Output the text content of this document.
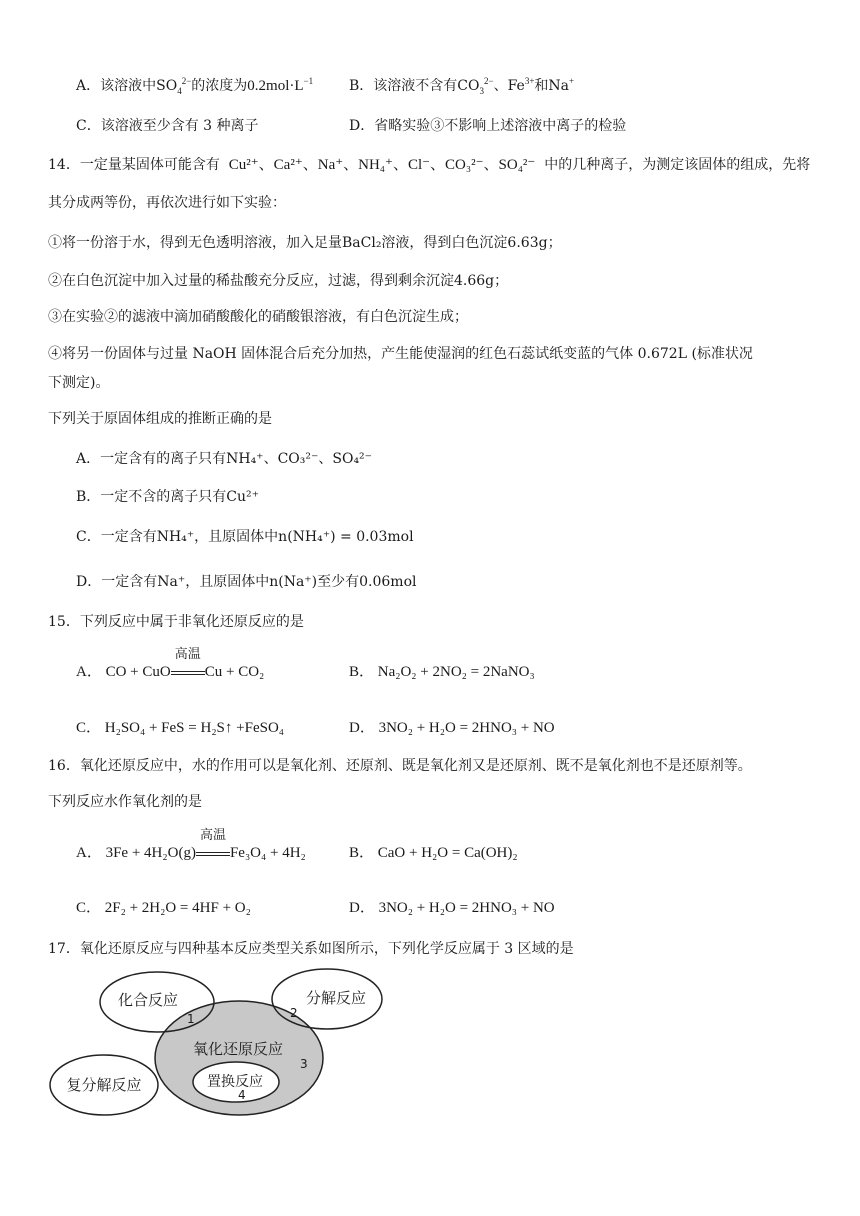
A．该溶液中$SO_4^{2-}$的浓度为$0.2mol\cdot L^{-1}$	B．该溶液不含有$CO_3^{2-}$、$Fe^{3+}$和Na+
C．该溶液至少含有 3 种离子	D．省略实验③不影响上述溶液中离子的检验
14．一定量某固体可能含有 Cu²⁺、Ca²⁺、Na⁺、NH₄⁺、Cl⁻、CO₃²⁻、SO₄²⁻ 中的几种离子，为测定该固体的组成，先将
其分成两等份，再依次进行如下实验：
①将一份溶于水，得到无色透明溶液，加入足量BaCl₂溶液，得到白色沉淀6.63g；
②在白色沉淀中加入过量的稀盐酸充分反应，过滤，得到剩余沉淀4.66g；
③在实验②的滤液中滴加硝酸酸化的硝酸银溶液，有白色沉淀生成；
④将另一份固体与过量 NaOH 固体混合后充分加热，产生能使湿润的红色石蕊试纸变蓝的气体 0.672L (标准状况
下测定)。
下列关于原固体组成的推断正确的是
A．一定含有的离子只有NH₄⁺、CO₃²⁻、SO₄²⁻
B．一定不含的离子只有Cu²⁺
C．一定含有NH₄⁺，且原固体中n(NH₄⁺) = 0.03mol
D．一定含有Na⁺，且原固体中n(Na⁺)至少有0.06mol
15．下列反应中属于非氧化还原反应的是
A． CO + CuO
高温
Cu + CO₂	B． Na₂O₂ + 2NO₂ = 2NaNO₃
C． H₂SO₄ + FeS = H₂S↑ +FeSO₄	D． 3NO₂ + H₂O = 2HNO₃ + NO
16．氧化还原反应中，水的作用可以是氧化剂、还原剂、既是氧化剂又是还原剂、既不是氧化剂也不是还原剂等。
下列反应水作氧化剂的是
A． 3Fe + 4H₂O(g)
高温
Fe₃O₄ + 4H₂	B． CaO + H₂O = Ca(OH)₂
C． 2F₂ + 2H₂O = 4HF + O₂	D． 3NO₂ + H₂O = 2HNO₃ + NO
17．氧化还原反应与四种基本反应类型关系如图所示，下列化学反应属于 3 区域的是
化合反应	分解反应
氧化还原反应
置换反应
复分解反应
1	2
3
4
